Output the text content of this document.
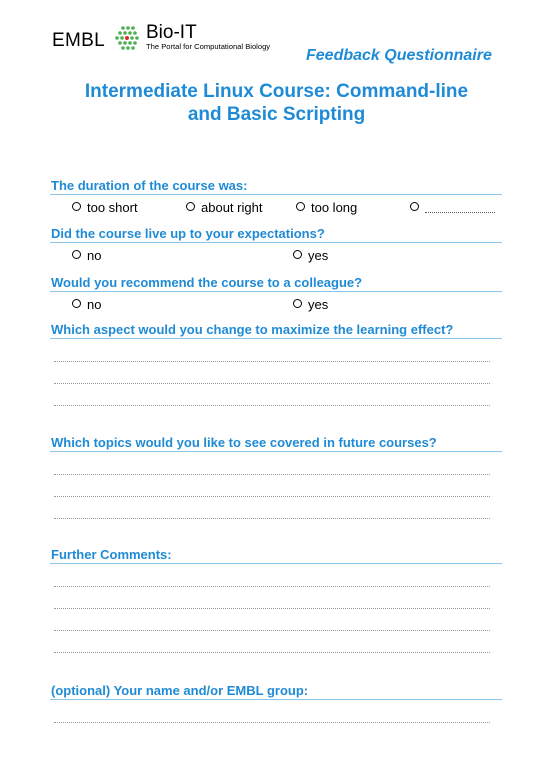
EMBL Bio-IT
The Portal for Computational Biology
Feedback Questionnaire
Intermediate Linux Course: Command-line
and Basic Scripting
The duration of the course was:
too short	about right	too long
Did the course live up to your expectations?
no	yes
Would you recommend the course to a colleague?
no	yes
Which aspect would you change to maximize the learning effect?
Which topics would you like to see covered in future courses?
Further Comments:
(optional) Your name and/or EMBL group:
